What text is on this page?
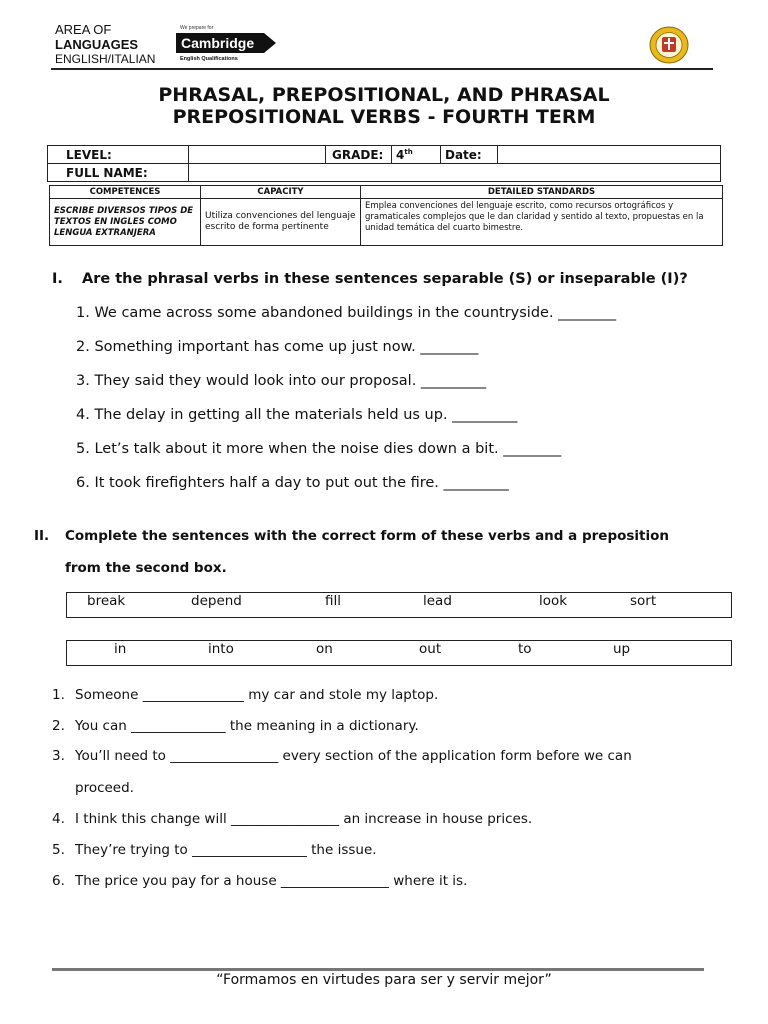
AREA OF
LANGUAGES
ENGLISH/ITALIAN
We prepare for
Cambridge
English Qualifications
PHRASAL, PREPOSITIONAL, AND PHRASAL
PREPOSITIONAL VERBS - FOURTH TERM
LEVEL:		GRADE:	4th	Date:	
FULL NAME:					
COMPETENCES	CAPACITY	DETAILED STANDARDS
ESCRIBE DIVERSOS TIPOS DE TEXTOS EN INGLES COMO LENGUA EXTRANJERA	Utiliza convenciones del lenguaje escrito de forma pertinente	Emplea convenciones del lenguaje escrito, como recursos ortográficos y gramaticales complejos que le dan claridad y sentido al texto, propuestas en la unidad temática del cuarto bimestre.
I. Are the phrasal verbs in these sentences separable (S) or inseparable (I)?
1. We came across some abandoned buildings in the countryside. ________
2. Something important has come up just now. ________
3. They said they would look into our proposal. _________
4. The delay in getting all the materials held us up. _________
5. Let’s talk about it more when the noise dies down a bit. ________
6. It took firefighters half a day to put out the fire. _________
II. Complete the sentences with the correct form of these verbs and a preposition
from the second box.
break	depend	fill	lead	look	sort
in	into	on	out	to	up
1. Someone _______________ my car and stole my laptop.
2. You can ______________ the meaning in a dictionary.
3. You’ll need to ________________ every section of the application form before we can
proceed.
4. I think this change will ________________ an increase in house prices.
5. They’re trying to _________________ the issue.
6. The price you pay for a house ________________ where it is.
“Formamos en virtudes para ser y servir mejor”
